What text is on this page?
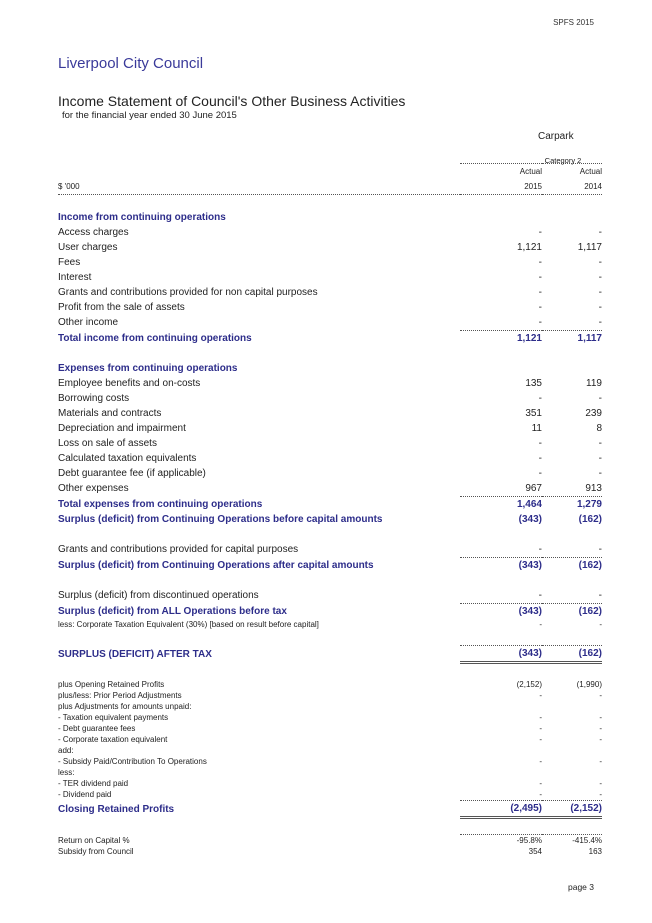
SPFS 2015
Liverpool City Council
Income Statement of Council's Other Business Activities
for the financial year ended 30 June 2015
Carpark
	Actual	Actual
$ '000	2015	2014

Income from continuing operations		
Access charges	-	-
User charges	1,121	1,117
Fees	-	-
Interest	-	-
Grants and contributions provided for non capital purposes	-	-
Profit from the sale of assets	-	-
Other income	-	-
Total income from continuing operations	1,121	1,117

Expenses from continuing operations		
Employee benefits and on-costs	135	119
Borrowing costs	-	-
Materials and contracts	351	239
Depreciation and impairment	11	8
Loss on sale of assets	-	-
Calculated taxation equivalents	-	-
Debt guarantee fee (if applicable)	-	-
Other expenses	967	913
Total expenses from continuing operations	1,464	1,279
Surplus (deficit) from Continuing Operations before capital amounts	(343)	(162)

Grants and contributions provided for capital purposes	-	-
Surplus (deficit) from Continuing Operations after capital amounts	(343)	(162)

Surplus (deficit) from discontinued operations	-	-
Surplus (deficit) from ALL Operations before tax	(343)	(162)
less: Corporate Taxation Equivalent (30%) [based on result before capital]	-	-

SURPLUS (DEFICIT) AFTER TAX	(343)	(162)

plus Opening Retained Profits	(2,152)	(1,990)
plus/less: Prior Period Adjustments	-	-
plus Adjustments for amounts unpaid:		
- Taxation equivalent payments	-	-
- Debt guarantee fees	-	-
- Corporate taxation equivalent	-	-
add:		
- Subsidy Paid/Contribution To Operations	-	-
less:		
- TER dividend paid	-	-
- Dividend paid	-	-
Closing Retained Profits	(2,495)	(2,152)

Return on Capital %	-95.8%	-415.4%
Subsidy from Council	354	163
Category 2
page 3
